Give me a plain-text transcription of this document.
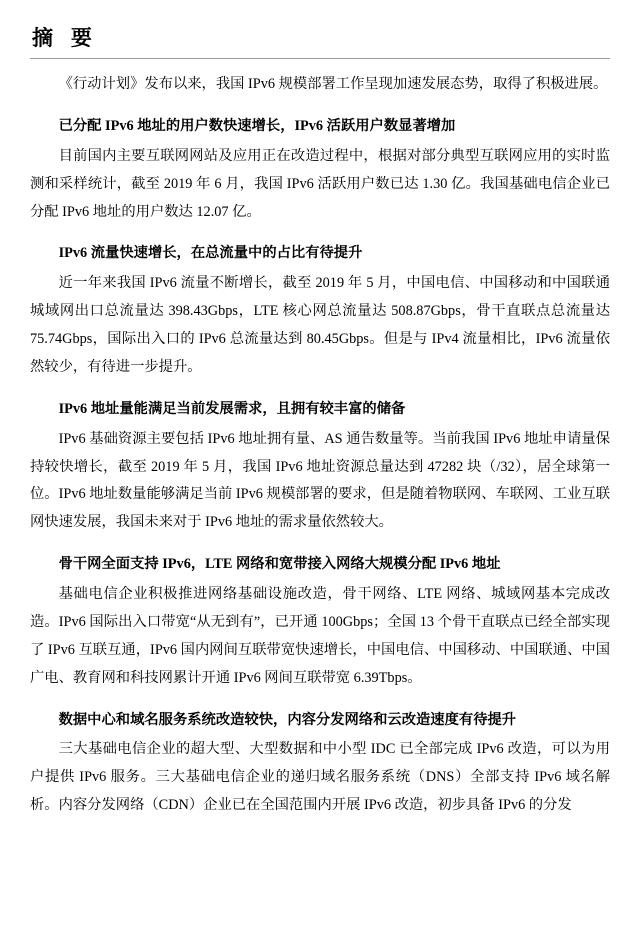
摘 要

《行动计划》发布以来，我国 IPv6 规模部署工作呈现加速发展态势，取得了积极进展。

已分配 IPv6 地址的用户数快速增长，IPv6 活跃用户数显著增加

目前国内主要互联网网站及应用正在改造过程中，根据对部分典型互联网应用的实时监测和采样统计，截至 2019 年 6 月，我国 IPv6 活跃用户数已达 1.30 亿。我国基础电信企业已分配 IPv6 地址的用户数达 12.07 亿。

IPv6 流量快速增长，在总流量中的占比有待提升

近一年来我国 IPv6 流量不断增长，截至 2019 年 5 月，中国电信、中国移动和中国联通城域网出口总流量达 398.43Gbps，LTE 核心网总流量达 508.87Gbps，骨干直联点总流量达 75.74Gbps，国际出入口的 IPv6 总流量达到 80.45Gbps。但是与 IPv4 流量相比，IPv6 流量依然较少，有待进一步提升。

IPv6 地址量能满足当前发展需求，且拥有较丰富的储备

IPv6 基础资源主要包括 IPv6 地址拥有量、AS 通告数量等。当前我国 IPv6 地址申请量保持较快增长，截至 2019 年 5 月，我国 IPv6 地址资源总量达到 47282 块（/32），居全球第一位。IPv6 地址数量能够满足当前 IPv6 规模部署的要求，但是随着物联网、车联网、工业互联网快速发展，我国未来对于 IPv6 地址的需求量依然较大。

骨干网全面支持 IPv6，LTE 网络和宽带接入网络大规模分配 IPv6 地址

基础电信企业积极推进网络基础设施改造，骨干网络、LTE 网络、城域网基本完成改造。IPv6 国际出入口带宽“从无到有”，已开通 100Gbps；全国 13 个骨干直联点已经全部实现了 IPv6 互联互通，IPv6 国内网间互联带宽快速增长，中国电信、中国移动、中国联通、中国广电、教育网和科技网累计开通 IPv6 网间互联带宽 6.39Tbps。

数据中心和域名服务系统改造较快，内容分发网络和云改造速度有待提升

三大基础电信企业的超大型、大型数据和中小型 IDC 已全部完成 IPv6 改造，可以为用户提供 IPv6 服务。三大基础电信企业的递归域名服务系统（DNS）全部支持 IPv6 域名解析。内容分发网络（CDN）企业已在全国范围内开展 IPv6 改造，初步具备 IPv6 的分发
